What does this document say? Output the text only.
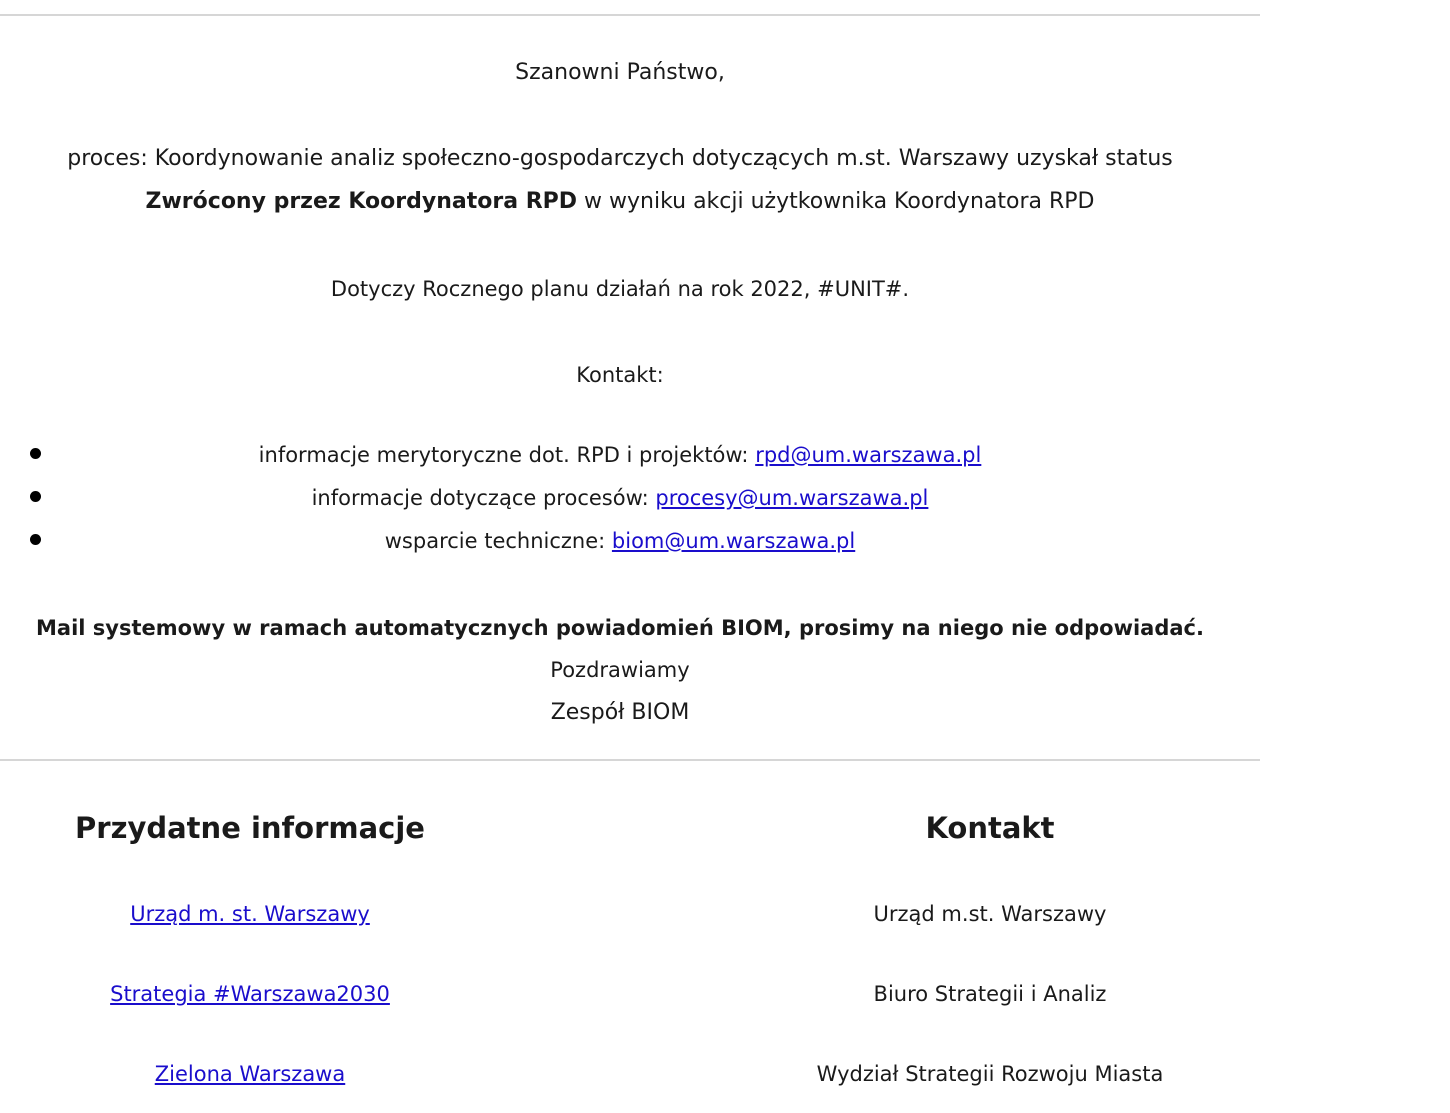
Szanowni Państwo,
proces: Koordynowanie analiz społeczno-gospodarczych dotyczących m.st. Warszawy uzyskał status
Zwrócony przez Koordynatora RPD w wyniku akcji użytkownika Koordynatora RPD
Dotyczy Rocznego planu działań na rok 2022, #UNIT#.
Kontakt:
informacje merytoryczne dot. RPD i projektów: rpd@um.warszawa.pl
informacje dotyczące procesów: procesy@um.warszawa.pl
wsparcie techniczne: biom@um.warszawa.pl
Mail systemowy w ramach automatycznych powiadomień BIOM, prosimy na niego nie odpowiadać.
Pozdrawiamy
Zespół BIOM
Przydatne informacje
Urząd m. st. Warszawy
Strategia #Warszawa2030
Zielona Warszawa
Kontakt
Urząd m.st. Warszawy
Biuro Strategii i Analiz
Wydział Strategii Rozwoju Miasta
